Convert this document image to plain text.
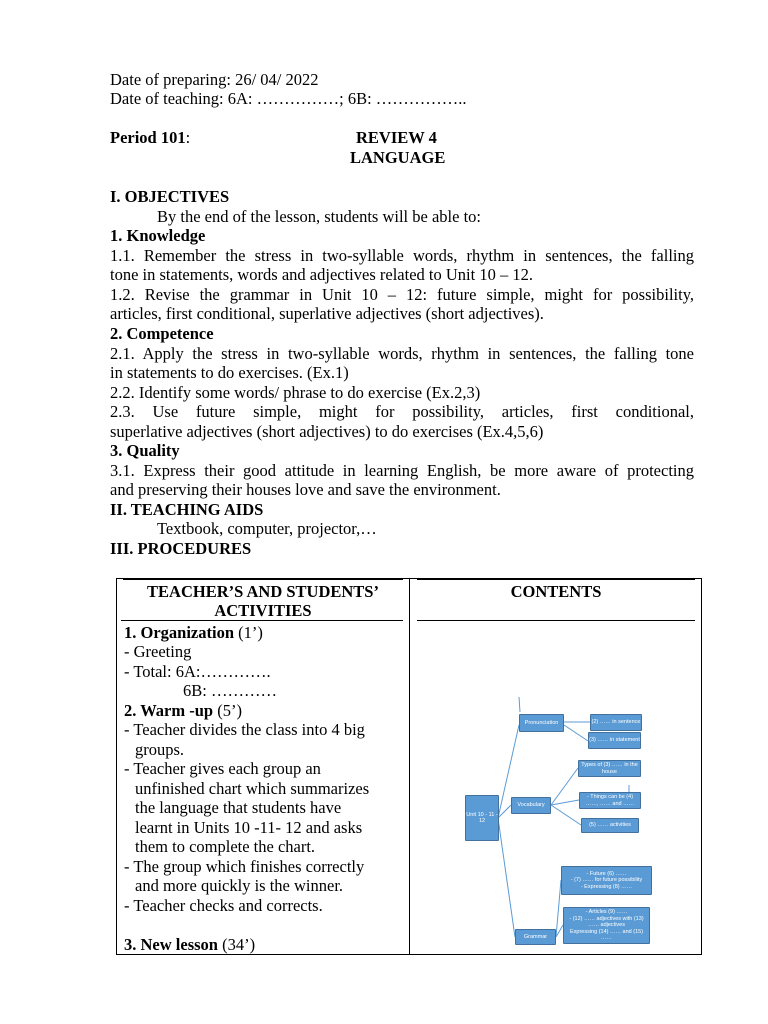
Date of preparing: 26/ 04/ 2022
Date of teaching: 6A: ……………; 6B: ……………..
Period 101:	REVIEW 4
LANGUAGE
I. OBJECTIVES
By the end of the lesson, students will be able to:
1. Knowledge
1.1. Remember the stress in two-syllable words, rhythm in sentences, the falling
tone in statements, words and adjectives related to Unit 10 – 12.
1.2. Revise the grammar in Unit 10 – 12: future simple, might for possibility,
articles, first conditional, superlative adjectives (short adjectives).
2. Competence
2.1. Apply the stress in two-syllable words, rhythm in sentences, the falling tone
in statements to do exercises. (Ex.1)
2.2. Identify some words/ phrase to do exercise (Ex.2,3)
2.3. Use future simple, might for possibility, articles, first conditional,
superlative adjectives (short adjectives) to do exercises (Ex.4,5,6)
3. Quality
3.1. Express their good attitude in learning English, be more aware of protecting
and preserving their houses love and save the environment.
II. TEACHING AIDS
Textbook, computer, projector,…
III. PROCEDURES
TEACHER’S AND STUDENTS’
ACTIVITIES
CONTENTS
1. Organization (1’)
- Greeting
- Total: 6A:………….
6B: …………
2. Warm -up (5’)
- Teacher divides the class into 4 big
groups.
- Teacher gives each group an
unfinished chart which summarizes
the language that students have
learnt in Units 10 -11- 12 and asks
them to complete the chart.
- The group which finishes correctly
and more quickly is the winner.
- Teacher checks and corrects.
3. New lesson (34’)
Unit 10 - 11 - 12
Pronunciation
Vocabulary
Grammar
(2) …… in sentence
(3) …… in statement
Types of (3) …… in the house
- Things can be (4) ……, …… and ……
(5) …… activities
- Future (6) ……
- (7) …… for future possibility
- Expressing (8) ……
- Articles (9) ……
- (12) …… adjectives with (13) …… adjectives
Expressing (14) …… and (15) ……
